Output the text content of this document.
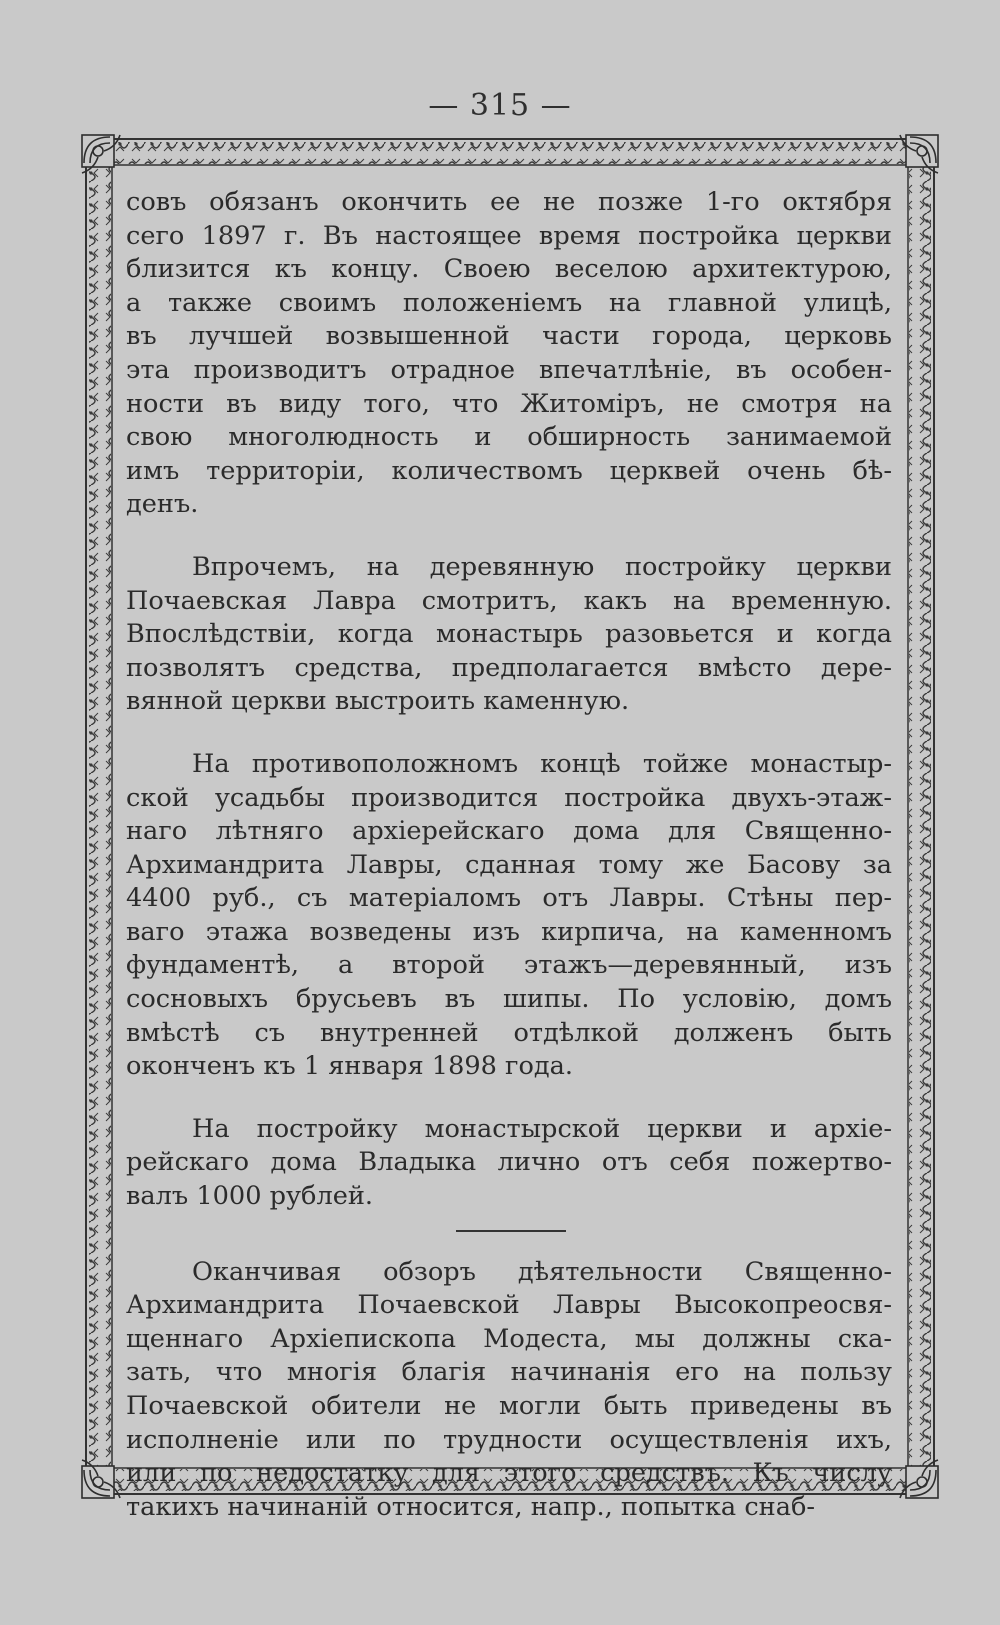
— 315 —

совъ обязанъ окончить ее не позже 1-го октября
сего 1897 г. Въ настоящее время постройка церкви
близится къ концу. Своею веселою архитектурою,
а также своимъ положенiемъ на главной улицѣ,
въ лучшей возвышенной части города, церковь
эта производитъ отрадное впечатлѣнiе, въ особен-
ности въ виду того, что Житомiръ, не смотря на
свою многолюдность и обширность занимаемой
имъ территорiи, количествомъ церквей очень бѣ-
денъ.

Впрочемъ, на деревянную постройку церкви
Почаевская Лавра смотритъ, какъ на временную.
Впослѣдствiи, когда монастырь разовьется и когда
позволятъ средства, предполагается вмѣсто дере-
вянной церкви выстроить каменную.

На противоположномъ концѣ тойже монастыр-
ской усадьбы производится постройка двухъ-этаж-
наго лѣтняго архiерейскаго дома для Священно-
Архимандрита Лавры, сданная тому же Басову за
4400 руб., съ матерiаломъ отъ Лавры. Стѣны пер-
ваго этажа возведены изъ кирпича, на каменномъ
фундаментѣ, а второй этажъ—деревянный, изъ
сосновыхъ брусьевъ въ шипы. По условiю, домъ
вмѣстѣ съ внутренней отдѣлкой долженъ быть
оконченъ къ 1 января 1898 года.

На постройку монастырской церкви и архiе-
рейскаго дома Владыка лично отъ себя пожертво-
валъ 1000 рублей.

Оканчивая обзоръ дѣятельности Священно-
Архимандрита Почаевской Лавры Высокопреосвя-
щеннаго Архiепископа Модеста, мы должны ска-
зать, что многiя благiя начинанiя его на пользу
Почаевской обители не могли быть приведены въ
исполненiе или по трудности осуществленiя ихъ,
или по недостатку для этого средствъ. Къ числу
такихъ начинанiй относится, напр., попытка снаб-
